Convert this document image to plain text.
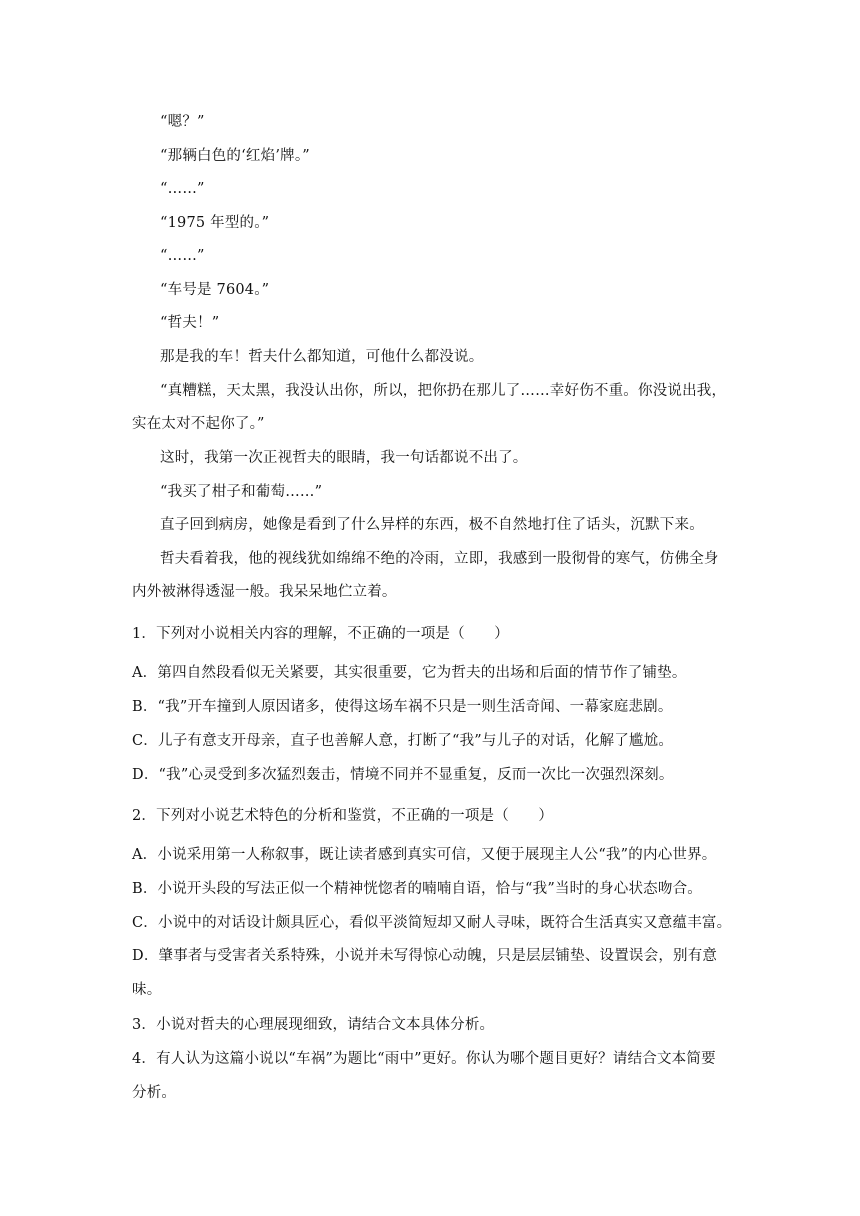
“嗯？”
“那辆白色的‘红焰’牌。”
“……”
“1975 年型的。”
“……”
“车号是 7604。”
“哲夫！”
那是我的车！哲夫什么都知道，可他什么都没说。
“真糟糕，天太黑，我没认出你，所以，把你扔在那儿了……幸好伤不重。你没说出我，
实在太对不起你了。”
这时，我第一次正视哲夫的眼睛，我一句话都说不出了。
“我买了柑子和葡萄……”
直子回到病房，她像是看到了什么异样的东西，极不自然地打住了话头，沉默下来。
哲夫看着我，他的视线犹如绵绵不绝的冷雨，立即，我感到一股彻骨的寒气，仿佛全身
内外被淋得透湿一般。我呆呆地伫立着。
1．下列对小说相关内容的理解，不正确的一项是（　　）
A．第四自然段看似无关紧要，其实很重要，它为哲夫的出场和后面的情节作了铺垫。
B．“我”开车撞到人原因诸多，使得这场车祸不只是一则生活奇闻、一幕家庭悲剧。
C．儿子有意支开母亲，直子也善解人意，打断了“我”与儿子的对话，化解了尴尬。
D．“我”心灵受到多次猛烈轰击，情境不同并不显重复，反而一次比一次强烈深刻。
2．下列对小说艺术特色的分析和鉴赏，不正确的一项是（　　）
A．小说采用第一人称叙事，既让读者感到真实可信，又便于展现主人公“我”的内心世界。
B．小说开头段的写法正似一个精神恍惚者的喃喃自语，恰与“我”当时的身心状态吻合。
C．小说中的对话设计颇具匠心，看似平淡简短却又耐人寻味，既符合生活真实又意蕴丰富。
D．肇事者与受害者关系特殊，小说并未写得惊心动魄，只是层层铺垫、设置误会，别有意
味。
3．小说对哲夫的心理展现细致，请结合文本具体分析。
4．有人认为这篇小说以“车祸”为题比“雨中”更好。你认为哪个题目更好？请结合文本简要
分析。
